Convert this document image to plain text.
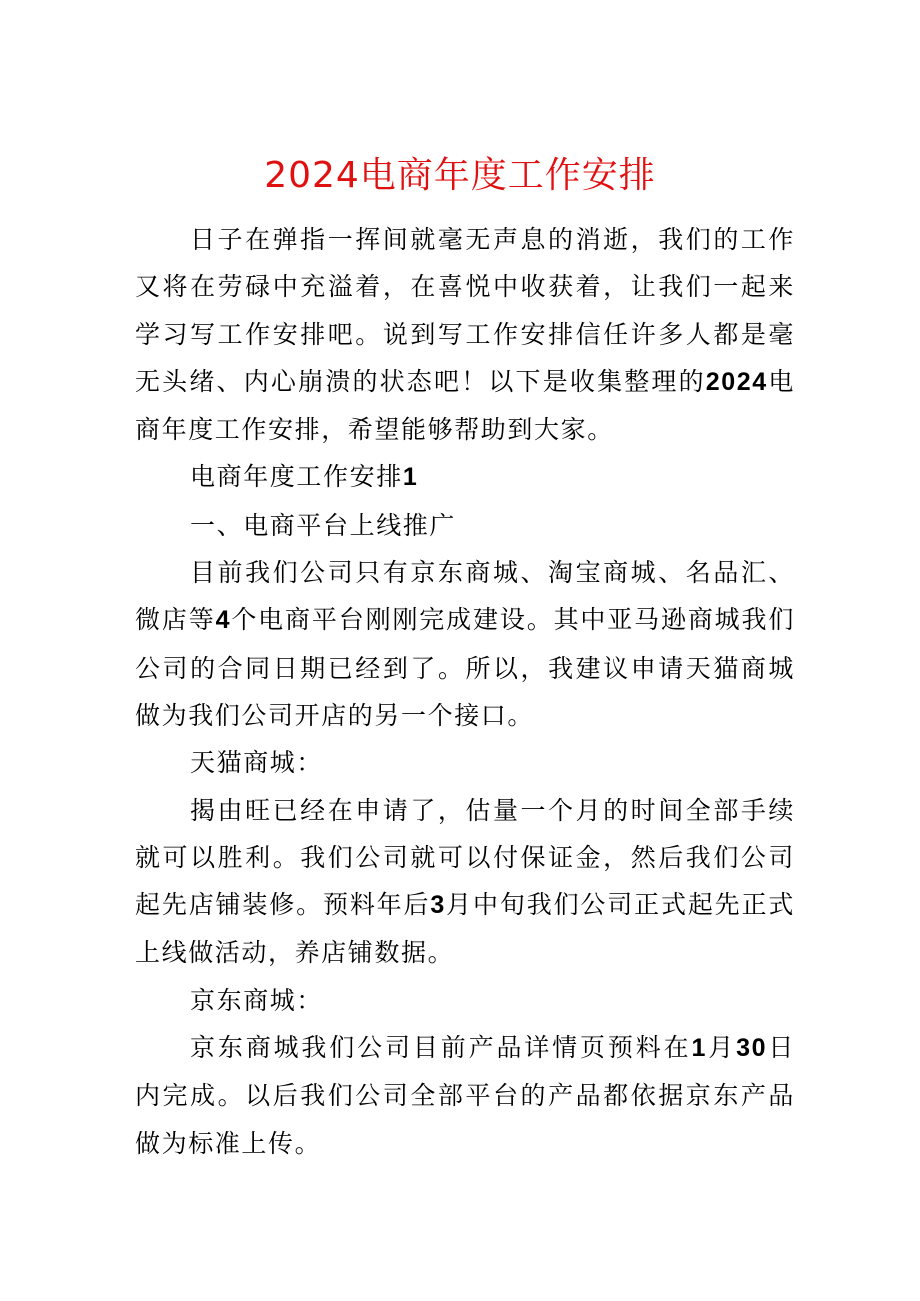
2024电商年度工作安排

日子在弹指一挥间就毫无声息的消逝，我们的工作又将在劳碌中充溢着，在喜悦中收获着，让我们一起来学习写工作安排吧。说到写工作安排信任许多人都是毫无头绪、内心崩溃的状态吧！以下是收集整理的2024电商年度工作安排，希望能够帮助到大家。

电商年度工作安排1

一、电商平台上线推广

目前我们公司只有京东商城、淘宝商城、名品汇、微店等4个电商平台刚刚完成建设。其中亚马逊商城我们公司的合同日期已经到了。所以，我建议申请天猫商城做为我们公司开店的另一个接口。

天猫商城：

揭由旺已经在申请了，估量一个月的时间全部手续就可以胜利。我们公司就可以付保证金，然后我们公司起先店铺装修。预料年后3月中旬我们公司正式起先正式上线做活动，养店铺数据。

京东商城：

京东商城我们公司目前产品详情页预料在1月30日内完成。以后我们公司全部平台的产品都依据京东产品做为标准上传。
